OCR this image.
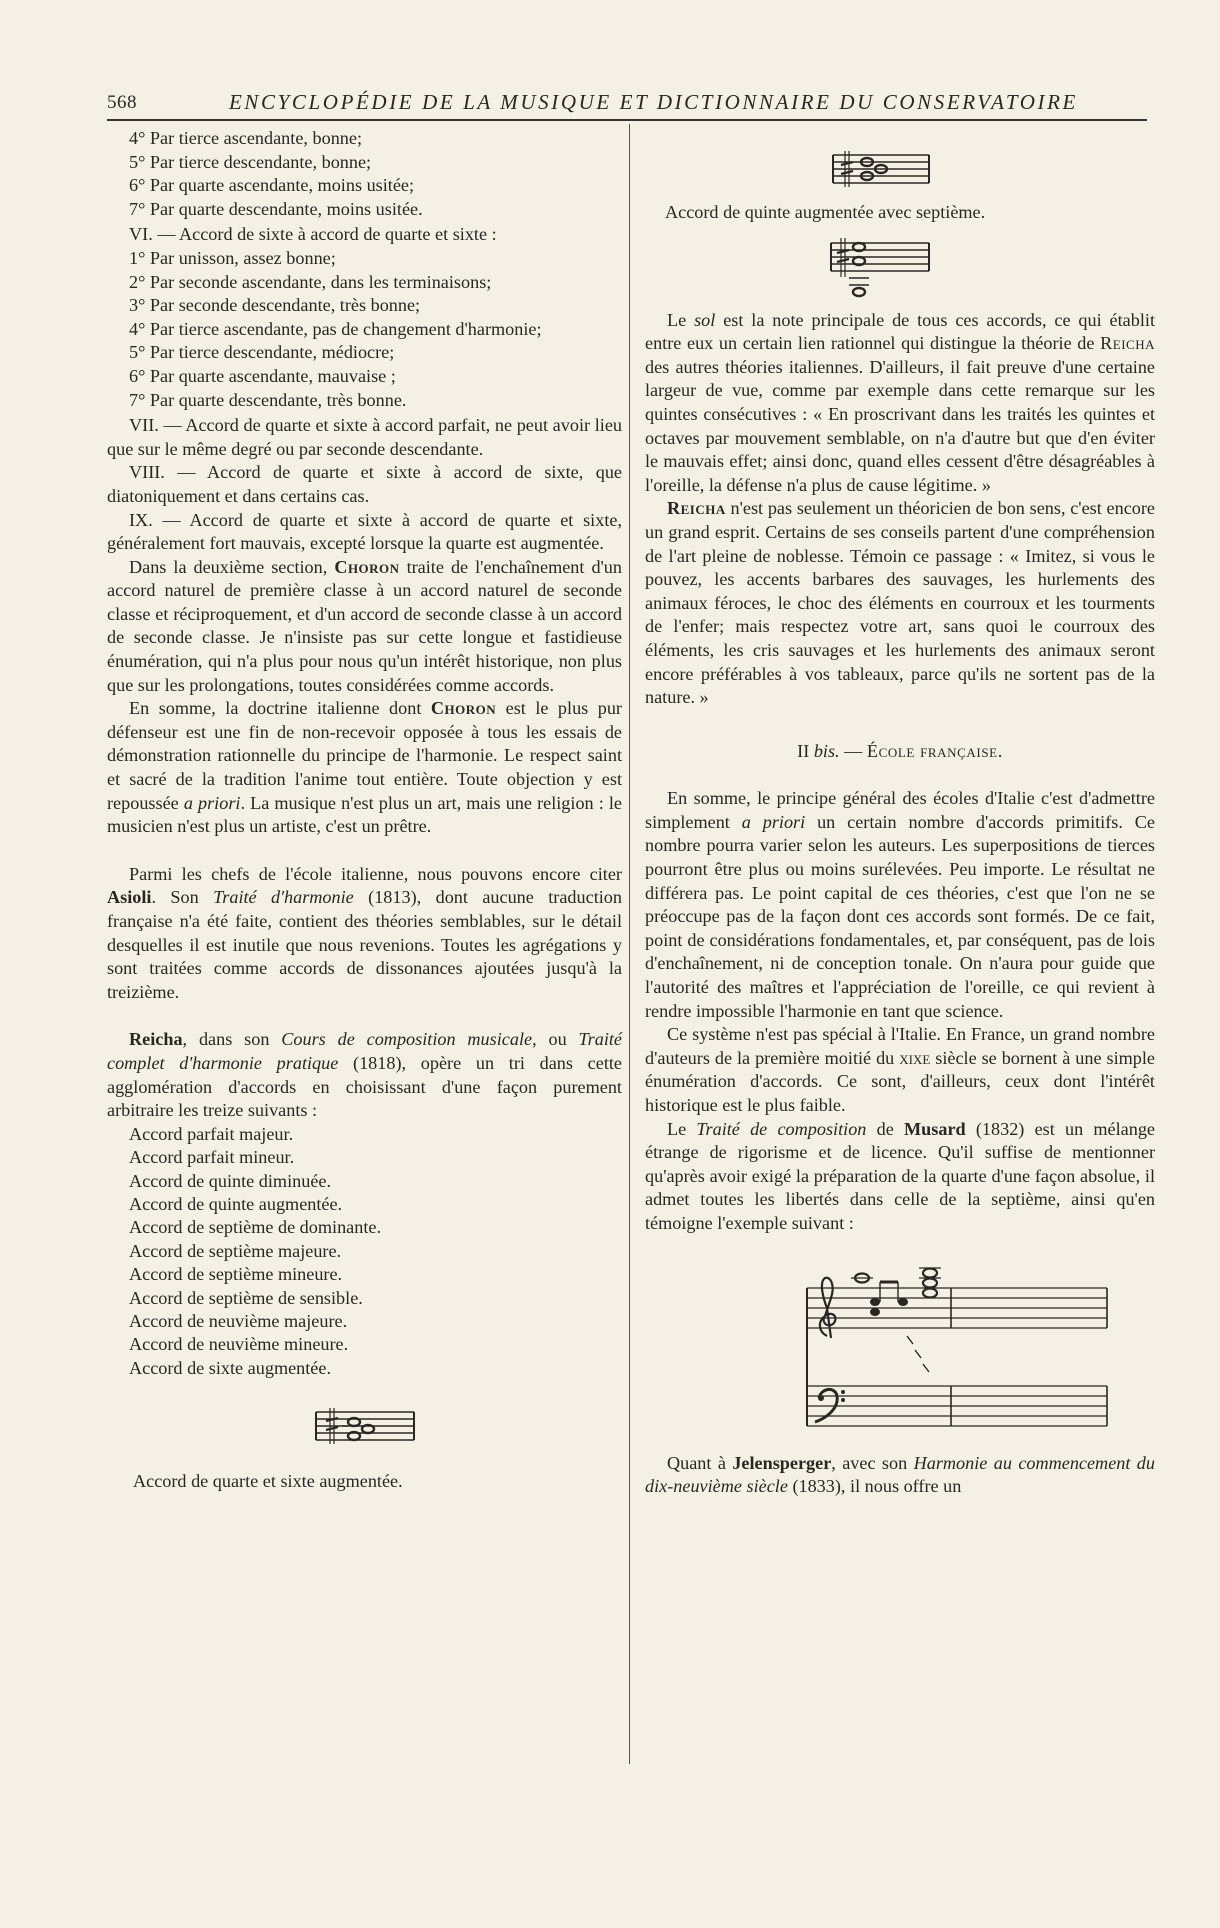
568	ENCYCLOPÉDIE DE LA MUSIQUE ET DICTIONNAIRE DU CONSERVATOIRE

4° Par tierce ascendante, bonne;

5° Par tierce descendante, bonne;

6° Par quarte ascendante, moins usitée;

7° Par quarte descendante, moins usitée.

VI. — Accord de sixte à accord de quarte et sixte :

1° Par unisson, assez bonne;

2° Par seconde ascendante, dans les terminaisons;

3° Par seconde descendante, très bonne;

4° Par tierce ascendante, pas de changement d'harmonie;

5° Par tierce descendante, médiocre;

6° Par quarte ascendante, mauvaise ;

7° Par quarte descendante, très bonne.

VII. — Accord de quarte et sixte à accord parfait, ne peut avoir lieu que sur le même degré ou par seconde descendante.

VIII. — Accord de quarte et sixte à accord de sixte, que diatoniquement et dans certains cas.

IX. — Accord de quarte et sixte à accord de quarte et sixte, généralement fort mauvais, excepté lorsque la quarte est augmentée.

Dans la deuxième section, Choron traite de l'enchaînement d'un accord naturel de première classe à un accord naturel de seconde classe et réciproquement, et d'un accord de seconde classe à un accord de seconde classe. Je n'insiste pas sur cette longue et fastidieuse énumération, qui n'a plus pour nous qu'un intérêt historique, non plus que sur les prolongations, toutes considérées comme accords.

En somme, la doctrine italienne dont Choron est le plus pur défenseur est une fin de non-recevoir opposée à tous les essais de démonstration rationnelle du principe de l'harmonie. Le respect saint et sacré de la tradition l'anime tout entière. Toute objection y est repoussée a priori. La musique n'est plus un art, mais une religion : le musicien n'est plus un artiste, c'est un prêtre.

Parmi les chefs de l'école italienne, nous pouvons encore citer Asioli. Son Traité d'harmonie (1813), dont aucune traduction française n'a été faite, contient des théories semblables, sur le détail desquelles il est inutile que nous revenions. Toutes les agrégations y sont traitées comme accords de dissonances ajoutées jusqu'à la treizième.

Reicha, dans son Cours de composition musicale, ou Traité complet d'harmonie pratique (1818), opère un tri dans cette agglomération d'accords en choisissant d'une façon purement arbitraire les treize suivants :

Accord parfait majeur.

Accord parfait mineur.

Accord de quinte diminuée.

Accord de quinte augmentée.

Accord de septième de dominante.

Accord de septième majeure.

Accord de septième mineure.

Accord de septième de sensible.

Accord de neuvième majeure.

Accord de neuvième mineure.

Accord de sixte augmentée.

Accord de quarte et sixte augmentée.

Accord de quinte augmentée avec septième.

Le sol est la note principale de tous ces accords, ce qui établit entre eux un certain lien rationnel qui distingue la théorie de Reicha des autres théories italiennes. D'ailleurs, il fait preuve d'une certaine largeur de vue, comme par exemple dans cette remarque sur les quintes consécutives : « En proscrivant dans les traités les quintes et octaves par mouvement semblable, on n'a d'autre but que d'en éviter le mauvais effet; ainsi donc, quand elles cessent d'être désagréables à l'oreille, la défense n'a plus de cause légitime. »

Reicha n'est pas seulement un théoricien de bon sens, c'est encore un grand esprit. Certains de ses conseils partent d'une compréhension de l'art pleine de noblesse. Témoin ce passage : « Imitez, si vous le pouvez, les accents barbares des sauvages, les hurlements des animaux féroces, le choc des éléments en courroux et les tourments de l'enfer; mais respectez votre art, sans quoi le courroux des éléments, les cris sauvages et les hurlements des animaux seront encore préférables à vos tableaux, parce qu'ils ne sortent pas de la nature. »

II bis. — École française.

En somme, le principe général des écoles d'Italie c'est d'admettre simplement a priori un certain nombre d'accords primitifs. Ce nombre pourra varier selon les auteurs. Les superpositions de tierces pourront être plus ou moins surélevées. Peu importe. Le résultat ne différera pas. Le point capital de ces théories, c'est que l'on ne se préoccupe pas de la façon dont ces accords sont formés. De ce fait, point de considérations fondamentales, et, par conséquent, pas de lois d'enchaînement, ni de conception tonale. On n'aura pour guide que l'autorité des maîtres et l'appréciation de l'oreille, ce qui revient à rendre impossible l'harmonie en tant que science.

Ce système n'est pas spécial à l'Italie. En France, un grand nombre d'auteurs de la première moitié du xixe siècle se bornent à une simple énumération d'accords. Ce sont, d'ailleurs, ceux dont l'intérêt historique est le plus faible.

Le Traité de composition de Musard (1832) est un mélange étrange de rigorisme et de licence. Qu'il suffise de mentionner qu'après avoir exigé la préparation de la quarte d'une façon absolue, il admet toutes les libertés dans celle de la septième, ainsi qu'en témoigne l'exemple suivant :

Quant à Jelensperger, avec son Harmonie au commencement du dix-neuvième siècle (1833), il nous offre un
